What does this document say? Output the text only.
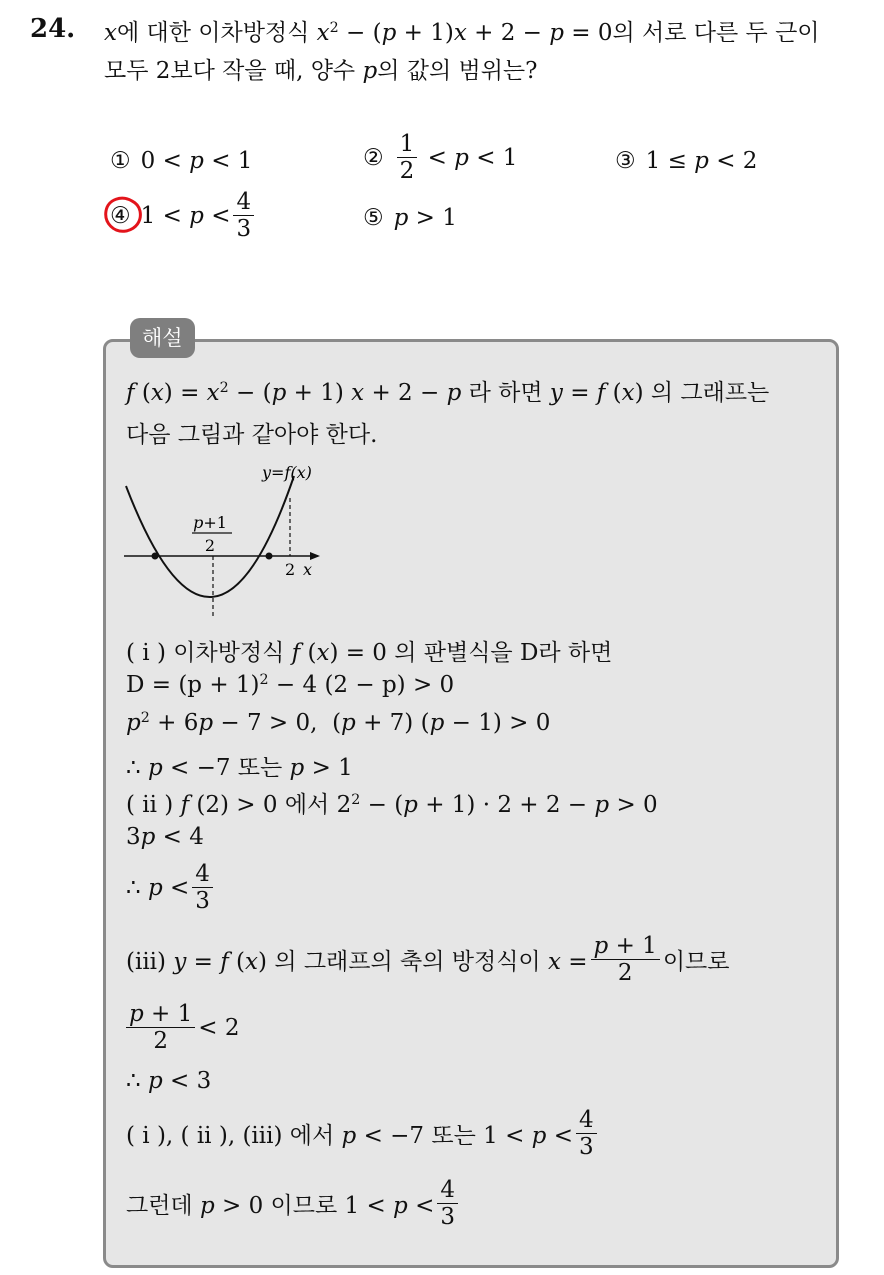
24. x에 대한 이차방정식 $x^2 - (p + 1)x + 2 - p = 0$의 서로 다른 두 근이
모두 2보다 작을 때, 양수 p의 값의 범위는?
① 0 < p < 1	② $\frac{1}{2} < p < 1$	③ 1 ≤ p < 2
④ $1 < p < \frac{4}{3}$	⑤ p > 1
해설
f $(x) = x^2 - (p + 1) x + 2 - p$ 라 하면 y = f (x) 의 그래프는
다음 그림과 같아야 한다.
y=f(x)
p+1
2
2 x
( i ) 이차방정식 f (x) = 0 의 판별식을 D라 하면
$D = (p + 1)^2 - 4$ (2 − p) > 0
$p^2 + 6p - 7 > 0$,  (p + 7) (p − 1) > 0
∴ p < −7 또는 p > 1
( ii ) f (2) > 0 에서 $2^2 - (p + 1) \cdot 2 + 2 - p > 0$
3p < 4
∴ $p < \frac{4}{3}$
(iii) y = f (x) 의 그래프의 축의 방정식이 $x = \frac{p + 1}{2}$ 이므로
$\frac{p + 1}{2} < 2$
∴ p < 3
( i ), ( ii ), (iii) 에서 p < −7 또는 $1 < p < \frac{4}{3}$
그런데 p > 0 이므로 $1 < p < \frac{4}{3}$
